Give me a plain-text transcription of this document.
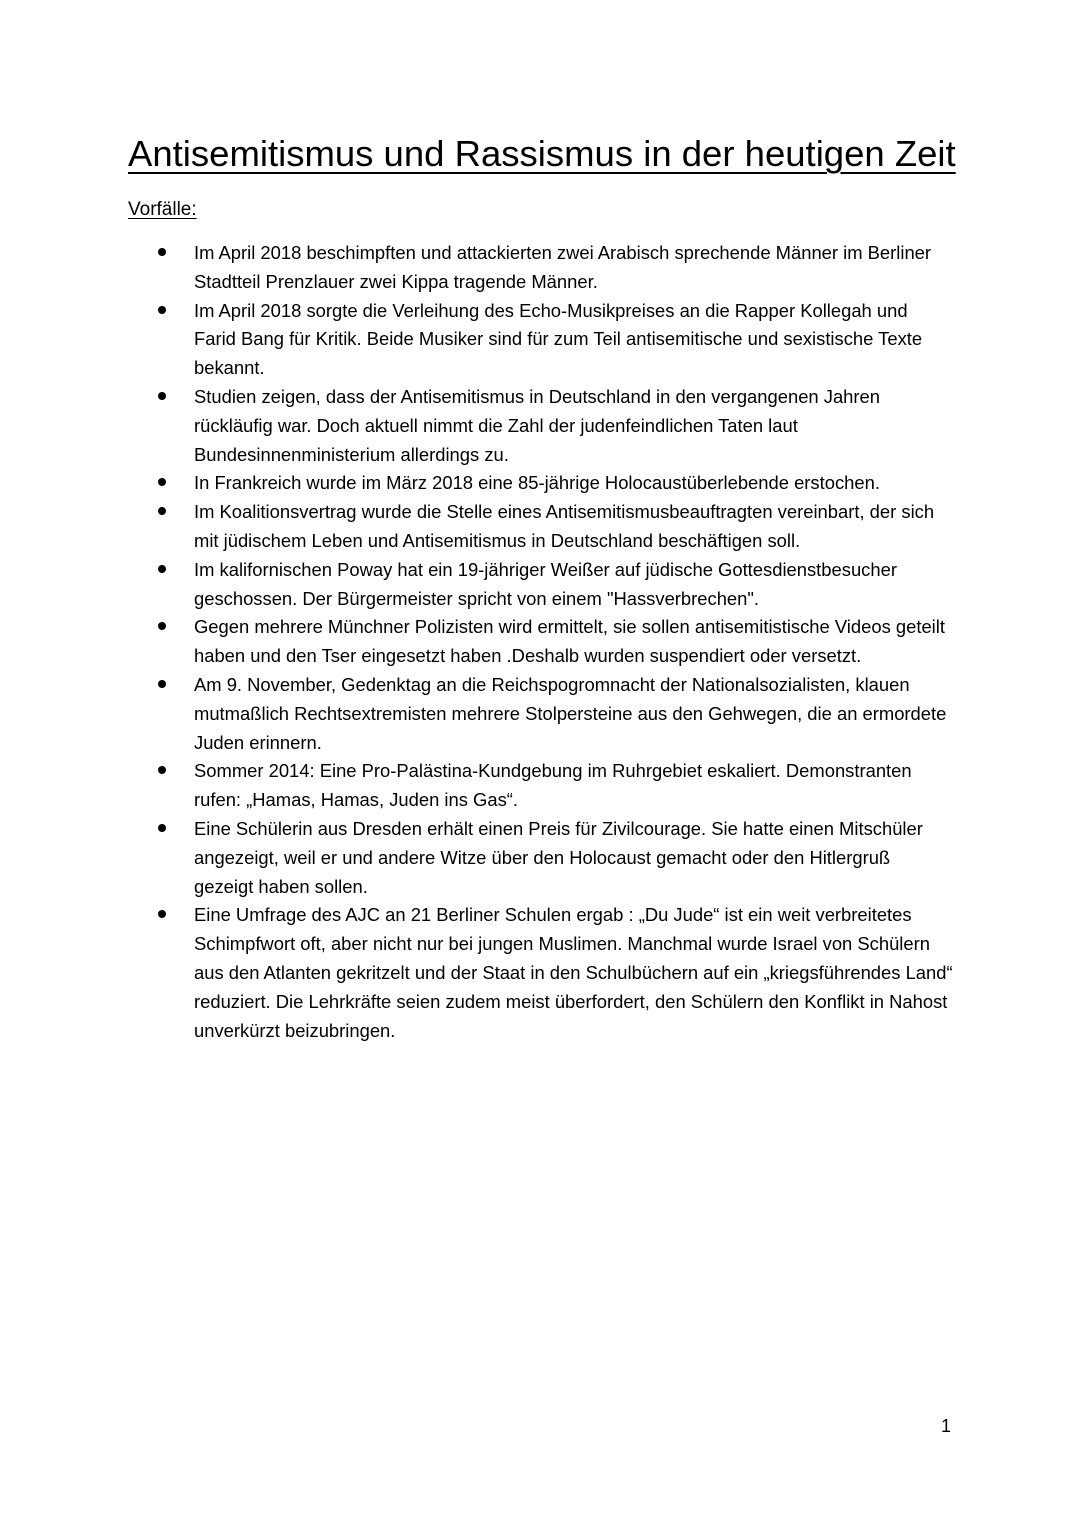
Antisemitismus und Rassismus in der heutigen Zeit

Vorfälle:

Im April 2018 beschimpften und attackierten zwei Arabisch sprechende Männer im Berliner Stadtteil Prenzlauer zwei Kippa tragende Männer.
Im April 2018 sorgte die Verleihung des Echo-Musikpreises an die Rapper Kollegah und Farid Bang für Kritik. Beide Musiker sind für zum Teil antisemitische und sexistische Texte bekannt.
Studien zeigen, dass der Antisemitismus in Deutschland in den vergangenen Jahren rückläufig war. Doch aktuell nimmt die Zahl der judenfeindlichen Taten laut Bundesinnenministerium allerdings zu.
In Frankreich wurde im März 2018 eine 85-jährige Holocaustüberlebende erstochen.
Im Koalitionsvertrag wurde die Stelle eines Antisemitismusbeauftragten vereinbart, der sich mit jüdischem Leben und Antisemitismus in Deutschland beschäftigen soll.
Im kalifornischen Poway hat ein 19-jähriger Weißer auf jüdische Gottesdienstbesucher geschossen. Der Bürgermeister spricht von einem "Hassverbrechen".
Gegen mehrere Münchner Polizisten wird ermittelt, sie sollen antisemitistische Videos geteilt haben und den Tser eingesetzt haben .Deshalb wurden suspendiert oder versetzt.
Am 9. November, Gedenktag an die Reichspogromnacht der Nationalsozialisten, klauen mutmaßlich Rechtsextremisten mehrere Stolpersteine aus den Gehwegen, die an ermordete Juden erinnern.
Sommer 2014: Eine Pro-Palästina-Kundgebung im Ruhrgebiet eskaliert. Demonstranten rufen: „Hamas, Hamas, Juden ins Gas“.
Eine Schülerin aus Dresden erhält einen Preis für Zivilcourage. Sie hatte einen Mitschüler angezeigt, weil er und andere Witze über den Holocaust gemacht oder den Hitlergruß gezeigt haben sollen.
Eine Umfrage des AJC an 21 Berliner Schulen ergab : „Du Jude“ ist ein weit verbreitetes Schimpfwort oft, aber nicht nur bei jungen Muslimen. Manchmal wurde Israel von Schülern aus den Atlanten gekritzelt und der Staat in den Schulbüchern auf ein „kriegsführendes Land“ reduziert. Die Lehrkräfte seien zudem meist überfordert, den Schülern den Konflikt in Nahost unverkürzt beizubringen.
1
